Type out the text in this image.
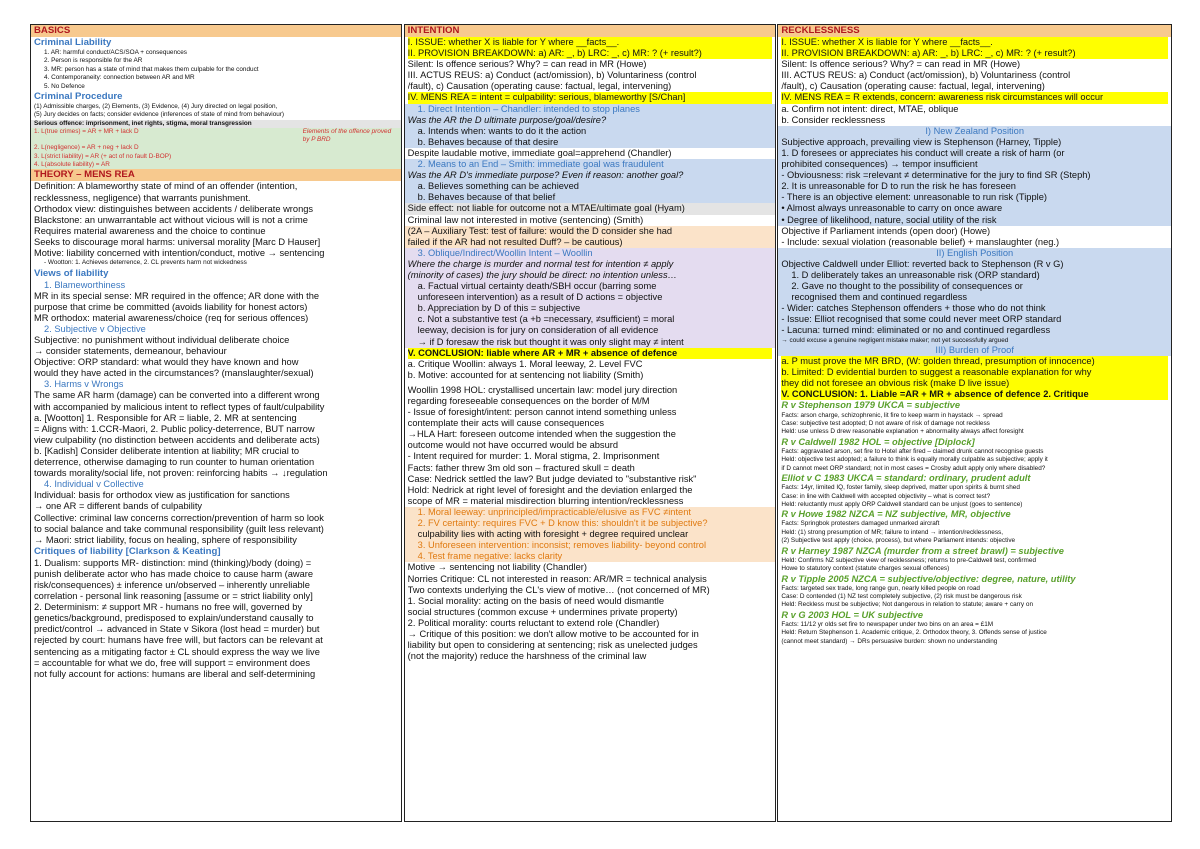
BASICS
Criminal Liability
1. AR: harmful conduct/ACS/SOA + consequences
2. Person is responsible for the AR
3. MR: person has a state of mind that makes them culpable for the conduct
4. Contemporaneity: connection between AR and MR
5. No Defence
Criminal Procedure
(1) Admissible charges, (2) Elements, (3) Evidence, (4) Jury directed on legal position,
(5) Jury decides on facts; consider evidence (inferences of state of mind from behaviour)
Serious offence: imprisonment, inet rights, stigma, moral transgression
1. L(true crimes) = AR + MR + lack D	Elements of the offence proved by P BRD
2. L(negligence) = AR + neg + lack D
3. L(strict liability) = AR (+ act of no fault D-BOP)
4. L(absolute liability) = AR
THEORY – MENS REA
Definition: A blameworthy state of mind of an offender (intention,
recklessness, negligence) that warrants punishment.
Orthodox view: distinguishes between accidents / deliberate wrongs
Blackstone: an unwarrantable act without vicious will is not a crime
Requires material awareness and the choice to continue
Seeks to discourage moral harms: universal morality [Marc D Hauser]
Motive: liability concerned with intention/conduct, motive → sentencing
- Wootton: 1. Achieves deterrence, 2. CL prevents harm not wickedness
Views of liability
1. Blameworthiness
MR in its special sense: MR required in the offence; AR done with the
purpose that crime be committed (avoids liability for honest actors)
MR orthodox: material awareness/choice (req for serious offences)
2. Subjective v Objective
Subjective: no punishment without individual deliberate choice
→ consider statements, demeanour, behaviour
Objective: ORP standard: what would they have known and how
would they have acted in the circumstances? (manslaughter/sexual)
3. Harms v Wrongs
The same AR harm (damage) can be converted into a different wrong
with accompanied by malicious intent to reflect types of fault/culpability
a. [Wootton] 1. Responsible for AR = liable, 2. MR at sentencing
= Aligns with: 1.CCR-Maori, 2. Public policy-deterrence, BUT narrow
view culpability (no distinction between accidents and deliberate acts)
b. [Kadish] Consider deliberate intention at liability; MR crucial to
deterrence, otherwise damaging to run counter to human orientation
towards morality/social life, not proven: reinforcing habits → ↓regulation
4. Individual v Collective
Individual: basis for orthodox view as justification for sanctions
→ one AR = different bands of culpability
Collective: criminal law concerns correction/prevention of harm so look
to social balance and take communal responsibility (guilt less relevant)
→ Maori: strict liability, focus on healing, sphere of responsibility
Critiques of liability [Clarkson & Keating]
1. Dualism: supports MR- distinction: mind (thinking)/body (doing) =
punish deliberate actor who has made choice to cause harm (aware
risk/consequences) ± inference un/observed – inherently unreliable
correlation - personal link reasoning [assume or = strict liability only]
2. Determinism: ≠ support MR - humans no free will, governed by
genetics/background, predisposed to explain/understand causally to
predict/control → advanced in State v Sikora (lost head = murder) but
rejected by court: humans have free will, but factors can be relevant at
sentencing as a mitigating factor ± CL should express the way we live
= accountable for what we do, free will support = environment does
not fully account for actions: humans are liberal and self-determining
INTENTION
I. ISSUE: whether X is liable for Y where __facts__.
II. PROVISION BREAKDOWN: a) AR: _, b) LRC: _, c) MR: ? (+ result?)
Silent: Is offence serious? Why? = can read in MR (Howe)
III. ACTUS REUS: a) Conduct (act/omission), b) Voluntariness (control
/fault), c) Causation (operating cause: factual, legal, intervening)
IV. MENS REA = intent = culpability: serious, blameworthy [S/Chan]
1. Direct Intention – Chandler: intended to stop planes
Was the AR the D ultimate purpose/goal/desire?
a. Intends when: wants to do it the action
b. Behaves because of that desire
Despite laudable motive, immediate goal=apprehend (Chandler)
2. Means to an End – Smith: immediate goal was fraudulent
Was the AR D's immediate purpose? Even if reason: another goal?
a. Believes something can be achieved
b. Behaves because of that belief
Side effect: not liable for outcome not a MTAE/ultimate goal (Hyam)
Criminal law not interested in motive (sentencing) (Smith)
(2A – Auxiliary Test: test of failure: would the D consider she had
failed if the AR had not resulted Duff? – be cautious)
3. Oblique/Indirect/Woollin Intent – Woollin
Where the charge is murder and normal test for intention ≠ apply
(minority of cases) the jury should be direct: no intention unless…
a. Factual virtual certainty death/SBH occur (barring some
unforeseen intervention) as a result of D actions = objective
b. Appreciation by D of this = subjective
c. Not a substantive test (a +b =necessary, ≠sufficient) = moral
leeway, decision is for jury on consideration of all evidence
→ if D foresaw the risk but thought it was only slight may ≠ intent
V. CONCLUSION: liable where AR + MR + absence of defence
a. Critique Woollin: always 1. Moral leeway, 2. Level FVC
b. Motive: accounted for at sentencing not liability (Smith)
Woollin 1998 HOL: crystallised uncertain law: model jury direction
regarding foreseeable consequences on the border of M/M
- Issue of foresight/intent: person cannot intend something unless
contemplate their acts will cause consequences
→HLA Hart: foreseen outcome intended when the suggestion the
outcome would not have occurred would be absurd
- Intent required for murder: 1. Moral stigma, 2. Imprisonment
Facts: father threw 3m old son – fractured skull = death
Case: Nedrick settled the law? But judge deviated to "substantive risk"
Hold: Nedrick at right level of foresight and the deviation enlarged the
scope of MR = material misdirection blurring intention/recklessness
1. Moral leeway: unprincipled/impracticable/elusive as FVC ≠intent
2. FV certainty: requires FVC + D know this: shouldn't it be subjective?
culpability lies with acting with foresight + degree required unclear
3. Unforeseen intervention: inconsist; removes liability- beyond control
4. Test frame negative: lacks clarity
Motive → sentencing not liability (Chandler)
Norries Critique: CL not interested in reason: AR/MR = technical analysis
Two contexts underlying the CL's view of motive… (not concerned of MR)
1. Social morality: acting on the basis of need would dismantle
social structures (common excuse + undermines private property)
2. Political morality: courts reluctant to extend role (Chandler)
→ Critique of this position: we don't allow motive to be accounted for in
liability but open to considering at sentencing; risk as unelected judges
(not the majority) reduce the harshness of the criminal law
RECKLESSNESS
I. ISSUE: whether X is liable for Y where __facts__.
II. PROVISION BREAKDOWN: a) AR: _, b) LRC: _, c) MR: ? (+ result?)
Silent: Is offence serious? Why? = can read in MR (Howe)
III. ACTUS REUS: a) Conduct (act/omission), b) Voluntariness (control
/fault), c) Causation (operating cause: factual, legal, intervening)
IV. MENS REA = R extends, concern: awareness risk circumstances will occur
a. Confirm not intent: direct, MTAE, oblique
b. Consider recklessness
I) New Zealand Position
Subjective approach, prevailing view is Stephenson (Harney, Tipple)
1. D foresees or appreciates his conduct will create a risk of harm (or
prohibited consequences) → tempor insufficient
- Obviousness: risk =relevant ≠ determinative for the jury to find SR (Steph)
2. It is unreasonable for D to run the risk he has foreseen
- There is an objective element: unreasonable to run risk (Tipple)
• Almost always unreasonable to carry on once aware
• Degree of likelihood, nature, social utility of the risk
Objective if Parliament intends (open door) (Howe)
- Include: sexual violation (reasonable belief) + manslaughter (neg.)
II) English Position
Objective Caldwell under Elliot: reverted back to Stephenson (R v G)
1. D deliberately takes an unreasonable risk (ORP standard)
2. Gave no thought to the possibility of consequences or
recognised them and continued regardless
- Wider: catches Stephenson offenders + those who do not think
- Issue: Elliot recognised that some could never meet ORP standard
- Lacuna: turned mind: eliminated or no and continued regardless
→ could excuse a genuine negligent mistake maker; not yet successfully argued
III) Burden of Proof
a. P must prove the MR BRD, (W: golden thread, presumption of innocence)
b. Limited: D evidential burden to suggest a reasonable explanation for why
they did not foresee an obvious risk (make D live issue)
V. CONCLUSION: 1. Liable =AR + MR + absence of defence 2. Critique
R v Stephenson 1979 UKCA = subjective
Facts: arson charge, schizophrenic, lit fire to keep warm in haystack → spread
Case: subjective test adopted; D not aware of risk of damage not reckless
Held: use unless D drew reasonable explanation + abnormality always affect foresight
R v Caldwell 1982 HOL = objective [Diplock]
Facts: aggravated arson, set fire to Hotel after fired – claimed drunk cannot recognise guests
Held: objective test adopted; a failure to think is equally morally culpable as subjective; apply it
if D cannot meet ORP standard; not in most cases = Crosby adult apply only where disabled?
Elliot v C 1983 UKCA = standard: ordinary, prudent adult
Facts: 14yr, limited IQ, foster family, sleep deprived, matter upon spirits & burnt shed
Case: in line with Caldwell with accepted objectivity – what is correct test?
Held: reluctantly must apply ORP Caldwell standard can be unjust (goes to sentence)
R v Howe 1982 NZCA = NZ subjective, MR, objective
Facts: Springbok protesters damaged unmarked aircraft
Held: (1) strong presumption of MR; failure to intend → intention/recklessness,
(2) Subjective test apply (choice, process), but where Parliament intends: objective
R v Harney 1987 NZCA (murder from a street brawl) = subjective
Held: Confirms NZ subjective view of recklessness; returns to pre-Caldwell test, confirmed
Howe to statutory context (statute charges sexual offences)
R v Tipple 2005 NZCA = subjective/objective: degree, nature, utility
Facts: targeted sex trade, long range gun, nearly killed people on road
Case: D contended (1) NZ test completely subjective, (2) risk must be dangerous risk
Held: Reckless must be subjective; Not dangerous in relation to statute; aware + carry on
R v G 2003 HOL = UK subjective
Facts: 11/12 yr olds set fire to newspaper under two bins on an area = £1M
Held: Return Stephenson 1. Academic critique, 2. Orthodox theory, 3. Offends sense of justice
(cannot meet standard) → DRs persuasive burden: shown no understanding
